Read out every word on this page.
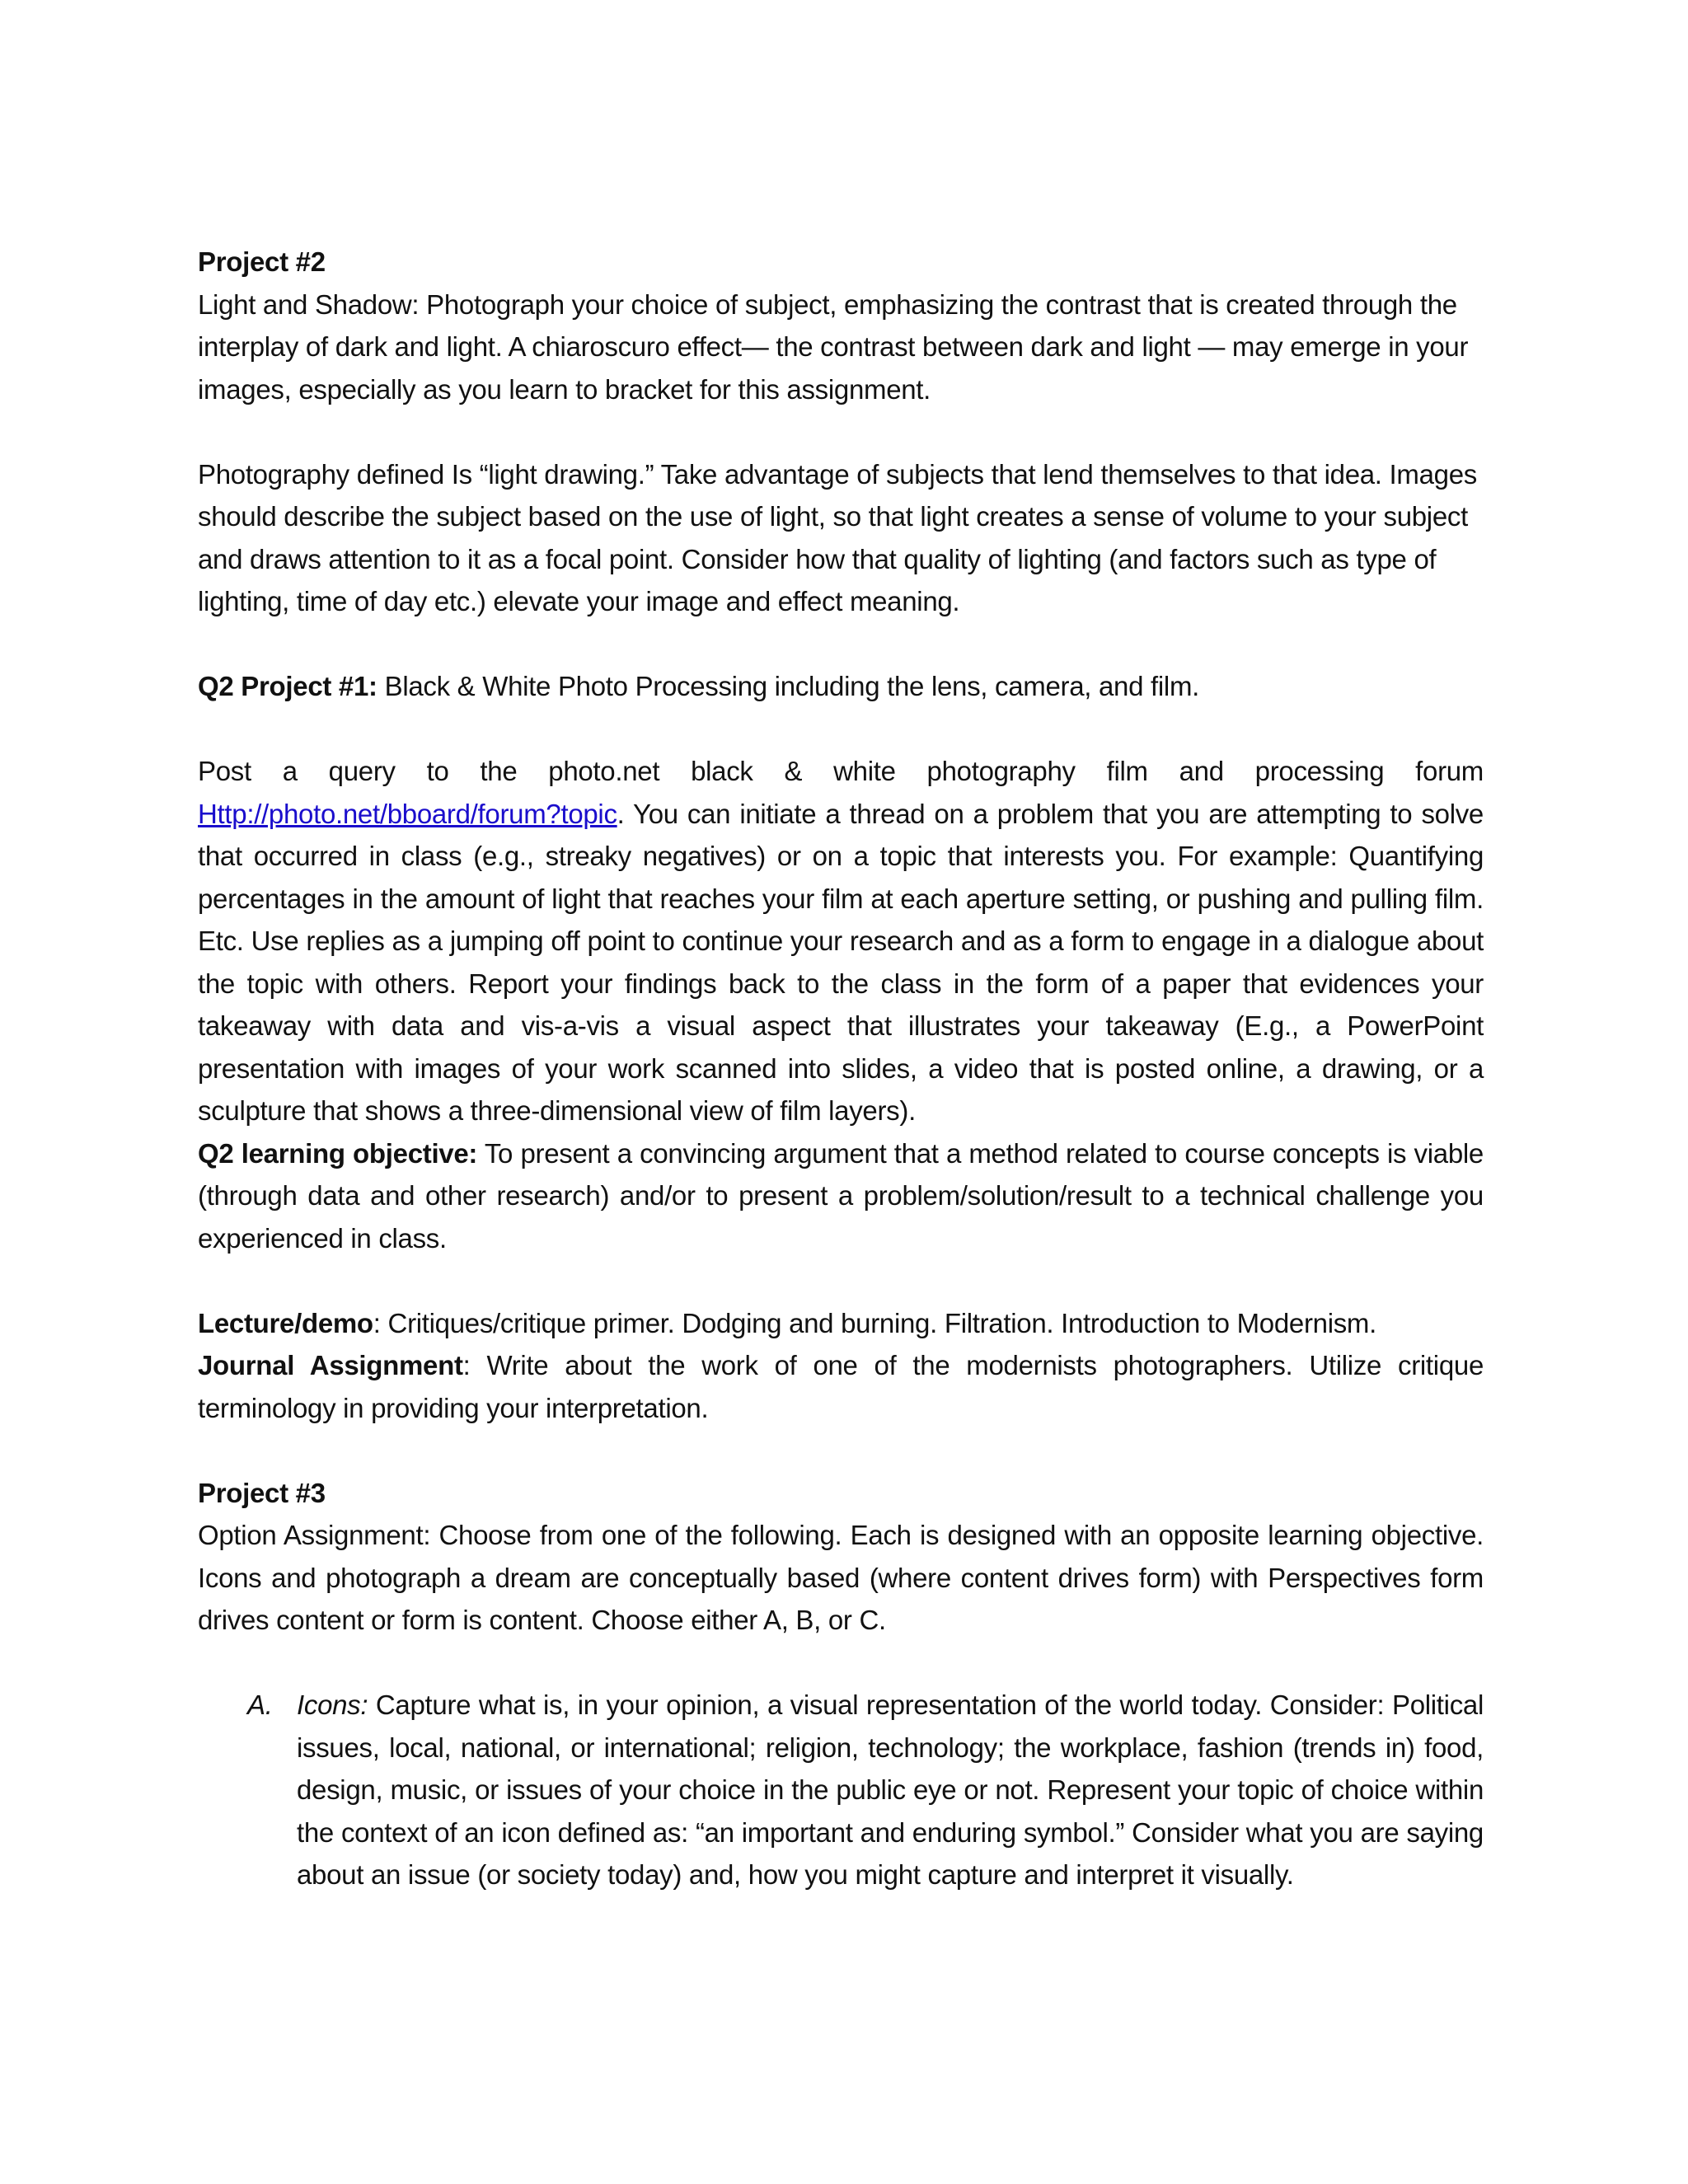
Project #2
Light and Shadow: Photograph your choice of subject, emphasizing the contrast that is created through the interplay of dark and light. A chiaroscuro effect— the contrast between dark and light — may emerge in your images, especially as you learn to bracket for this assignment.

Photography defined Is “light drawing.” Take advantage of subjects that lend themselves to that idea. Images should describe the subject based on the use of light, so that light creates a sense of volume to your subject and draws attention to it as a focal point. Consider how that quality of lighting (and factors such as type of lighting, time of day etc.) elevate your image and effect meaning.

Q2 Project #1: Black & White Photo Processing including the lens, camera, and film.

Post a query to the photo.net black & white photography film and processing forum Http://photo.net/bboard/forum?topic. You can initiate a thread on a problem that you are attempting to solve that occurred in class (e.g., streaky negatives) or on a topic that interests you. For example: Quantifying percentages in the amount of light that reaches your film at each aperture setting, or pushing and pulling film. Etc. Use replies as a jumping off point to continue your research and as a form to engage in a dialogue about the topic with others. Report your findings back to the class in the form of a paper that evidences your takeaway with data and vis-a-vis a visual aspect that illustrates your takeaway (E.g., a PowerPoint presentation with images of your work scanned into slides, a video that is posted online, a drawing, or a sculpture that shows a three-dimensional view of film layers).

Q2 learning objective: To present a convincing argument that a method related to course concepts is viable (through data and other research) and/or to present a problem/solution/result to a technical challenge you experienced in class.

Lecture/demo: Critiques/critique primer. Dodging and burning. Filtration. Introduction to Modernism.

Journal Assignment: Write about the work of one of the modernists photographers. Utilize critique terminology in providing your interpretation.

Project #3
Option Assignment: Choose from one of the following. Each is designed with an opposite learning objective. Icons and photograph a dream are conceptually based (where content drives form) with Perspectives form drives content or form is content. Choose either A, B, or C.
A. Icons: Capture what is, in your opinion, a visual representation of the world today. Consider: Political issues, local, national, or international; religion, technology; the workplace, fashion (trends in) food, design, music, or issues of your choice in the public eye or not. Represent your topic of choice within the context of an icon defined as: “an important and enduring symbol.” Consider what you are saying about an issue (or society today) and, how you might capture and interpret it visually.
